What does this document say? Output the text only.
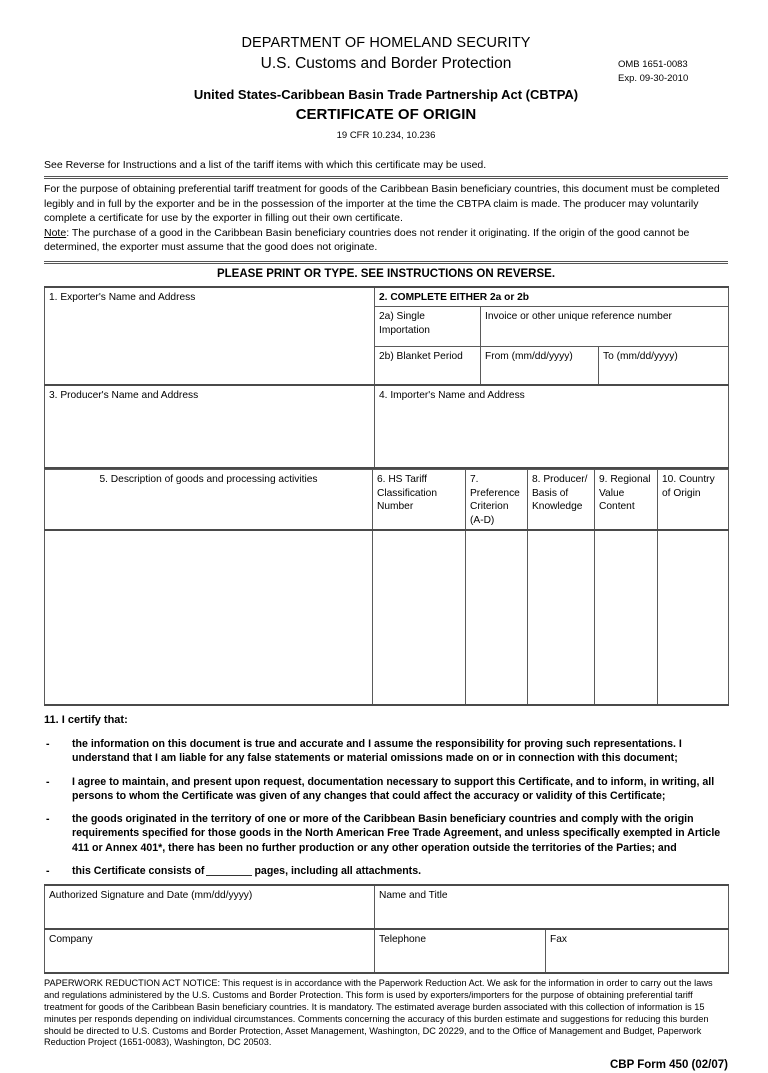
DEPARTMENT OF HOMELAND SECURITY
U.S. Customs and Border Protection	OMB 1651-0083
Exp. 09-30-2010
United States-Caribbean Basin Trade Partnership Act (CBTPA)
CERTIFICATE OF ORIGIN
19 CFR 10.234, 10.236
See Reverse for Instructions and a list of the tariff items with which this certificate may be used.
For the purpose of obtaining preferential tariff treatment for goods of the Caribbean Basin beneficiary countries, this document must be completed legibly and in full by the exporter and be in the possession of the importer at the time the CBTPA claim is made. The producer may voluntarily complete a certificate for use by the exporter in filling out their own certificate.
Note: The purchase of a good in the Caribbean Basin beneficiary countries does not render it originating. If the origin of the good cannot be determined, the exporter must assume that the good does not originate.
PLEASE PRINT OR TYPE. SEE INSTRUCTIONS ON REVERSE.
1. Exporter's Name and Address	2. COMPLETE EITHER 2a or 2b		
	2a) Single Importation	Invoice or other unique reference number	
	2b) Blanket Period	From (mm/dd/yyyy)	To (mm/dd/yyyy)
3. Producer's Name and Address	4. Importer's Name and Address		
5. Description of goods and processing activities	6. HS Tariff Classification Number	7. Preference Criterion (A-D)	8. Producer/ Basis of Knowledge	9. Regional Value Content	10. Country of Origin

11. I certify that:
- the information on this document is true and accurate and I assume the responsibility for proving such representations. I understand that I am liable for any false statements or material omissions made on or in connection with this document;
- I agree to maintain, and present upon request, documentation necessary to support this Certificate, and to inform, in writing, all persons to whom the Certificate was given of any changes that could affect the accuracy or validity of this Certificate;
- the goods originated in the territory of one or more of the Caribbean Basin beneficiary countries and comply with the origin requirements specified for those goods in the North American Free Trade Agreement, and unless specifically exempted in Article 411 or Annex 401*, there has been no further production or any other operation outside the territories of the Parties; and
- this Certificate consists of	pages, including all attachments.
Authorized Signature and Date (mm/dd/yyyy)	Name and Title	
Company	Telephone	Fax
PAPERWORK REDUCTION ACT NOTICE: This request is in accordance with the Paperwork Reduction Act. We ask for the information in order to carry out the laws and regulations administered by the U.S. Customs and Border Protection. This form is used by exporters/importers for the purpose of obtaining preferential tariff treatment for goods of the Caribbean Basin beneficiary countries. It is mandatory. The estimated average burden associated with this collection of information is 15 minutes per responds depending on individual circumstances. Comments concerning the accuracy of this burden estimate and suggestions for reducing this burden should be directed to U.S. Customs and Border Protection, Asset Management, Washington, DC 20229, and to the Office of Management and Budget, Paperwork Reduction Project (1651-0083), Washington, DC 20503.
CBP Form 450 (02/07)
